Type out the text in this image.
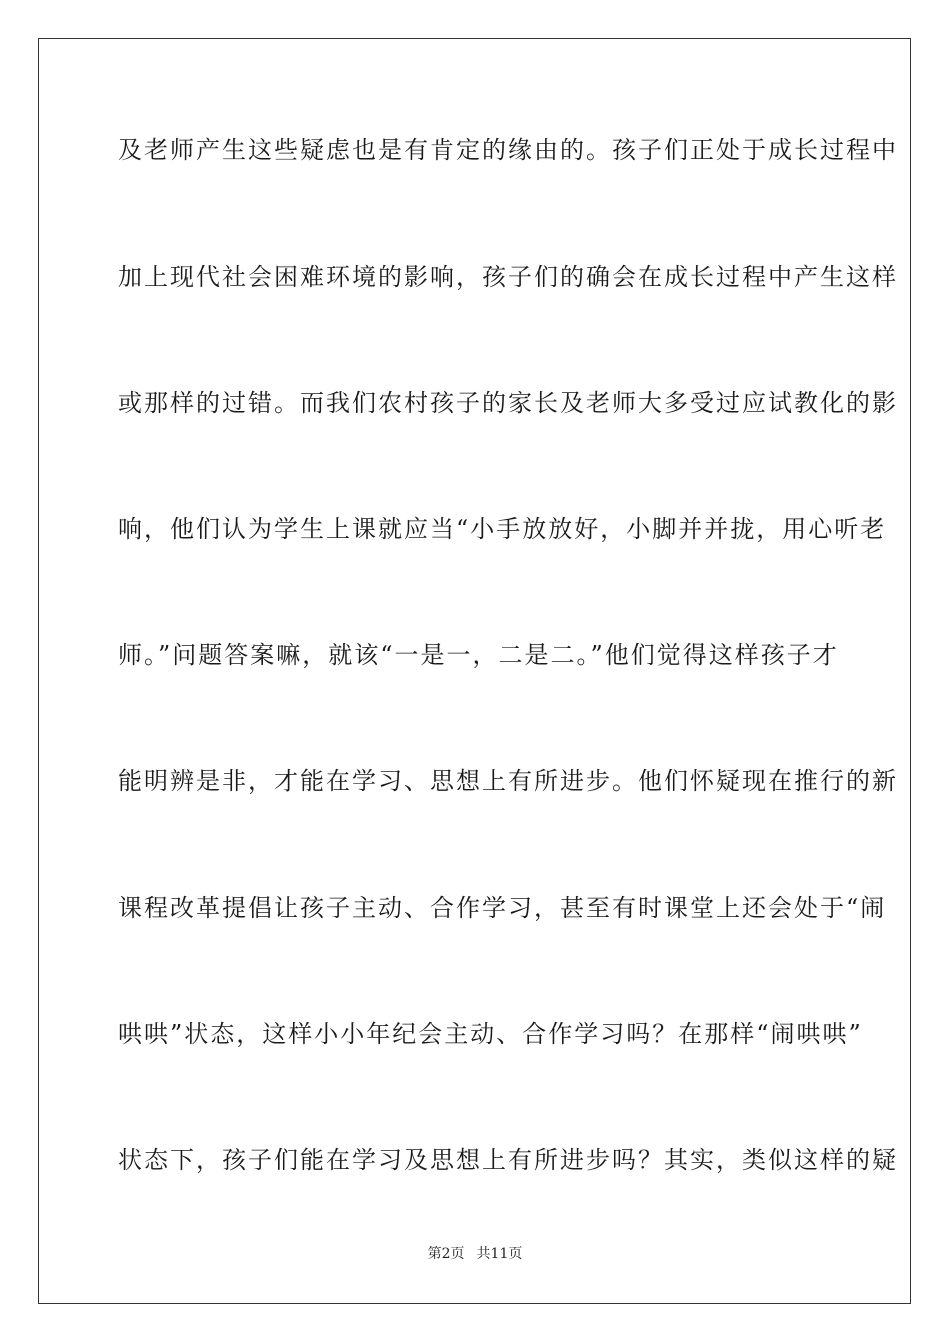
及老师产生这些疑虑也是有肯定的缘由的。孩子们正处于成长过程中
加上现代社会困难环境的影响，孩子们的确会在成长过程中产生这样
或那样的过错。而我们农村孩子的家长及老师大多受过应试教化的影
响，他们认为学生上课就应当“小手放放好，小脚并并拢，用心听老
师。”问题答案嘛，就该“一是一，二是二。”他们觉得这样孩子才
能明辨是非，才能在学习、思想上有所进步。他们怀疑现在推行的新
课程改革提倡让孩子主动、合作学习，甚至有时课堂上还会处于“闹
哄哄”状态，这样小小年纪会主动、合作学习吗？在那样“闹哄哄”
状态下，孩子们能在学习及思想上有所进步吗？其实，类似这样的疑
第2页 共11页
